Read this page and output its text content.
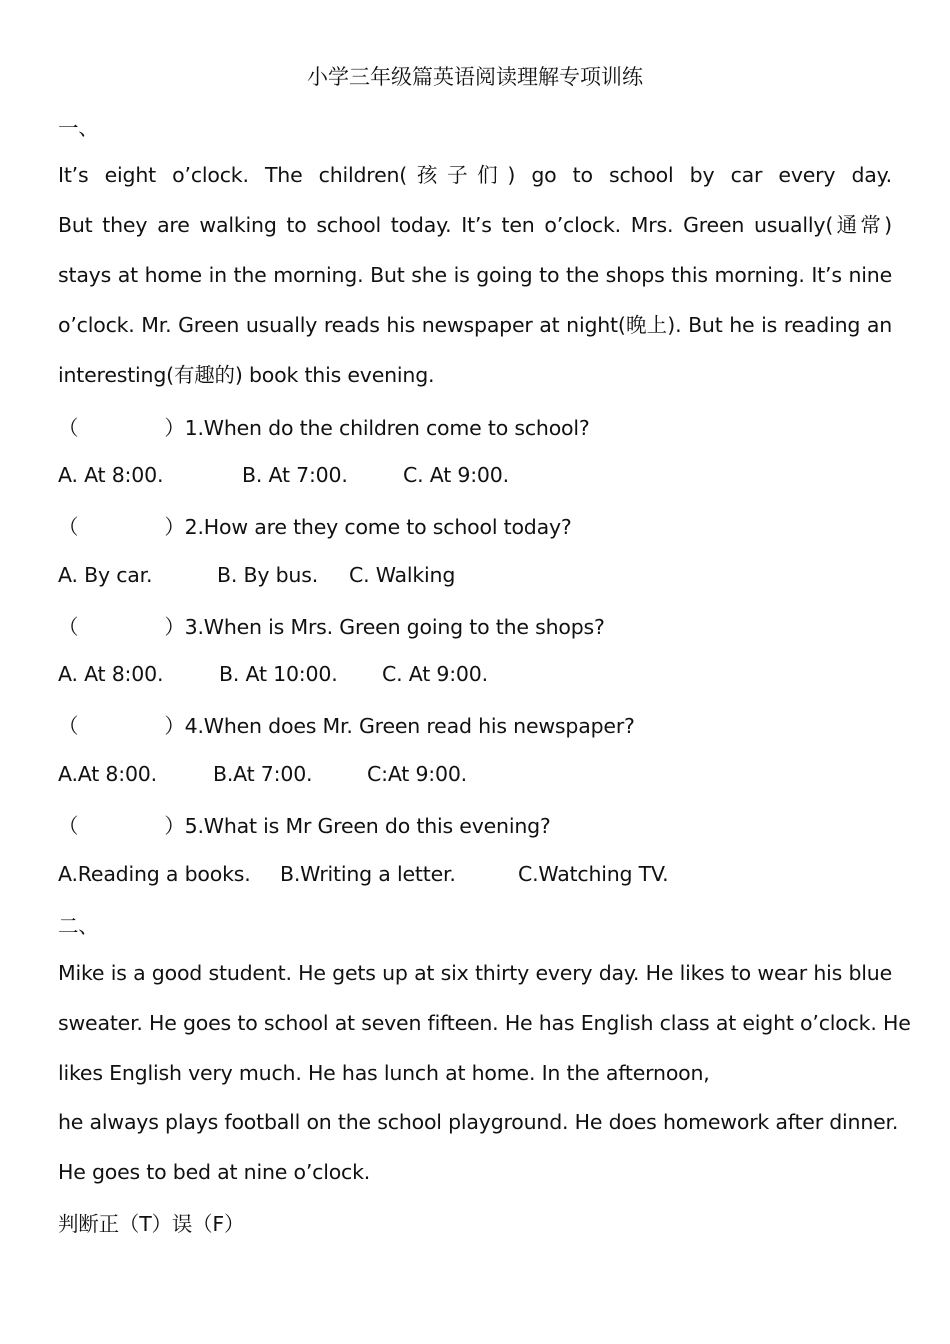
小学三年级篇英语阅读理解专项训练
一、
It’s eight o’clock. The children(孩子们) go to school by car every day.
But they are walking to school today. It’s ten o’clock. Mrs. Green usually(通常)
stays at home in the morning. But she is going to the shops this morning. It’s nine
o’clock. Mr. Green usually reads his newspaper at night(晚上). But he is reading an
interesting(有趣的) book this evening.
（	）1.When do the children come to school?
A. At 8:00.	B. At 7:00.	C. At 9:00.
（	）2.How are they come to school today?
A. By car.	B. By bus. C. Walking
（	）3.When is Mrs. Green going to the shops?
A. At 8:00.	B. At 10:00. C. At 9:00.
（	）4.When does Mr. Green read his newspaper?
A.At 8:00.	B.At 7:00.	C:At 9:00.
（	）5.What is Mr Green do this evening?
A.Reading a books. B.Writing a letter.	C.Watching TV.
二、
Mike is a good student. He gets up at six thirty every day. He likes to wear his blue
sweater. He goes to school at seven fifteen. He has English class at eight o’clock. He
likes English very much. He has lunch at home. In the afternoon,
he always plays football on the school playground. He does homework after dinner.
He goes to bed at nine o’clock.
判断正（T）误（F）
